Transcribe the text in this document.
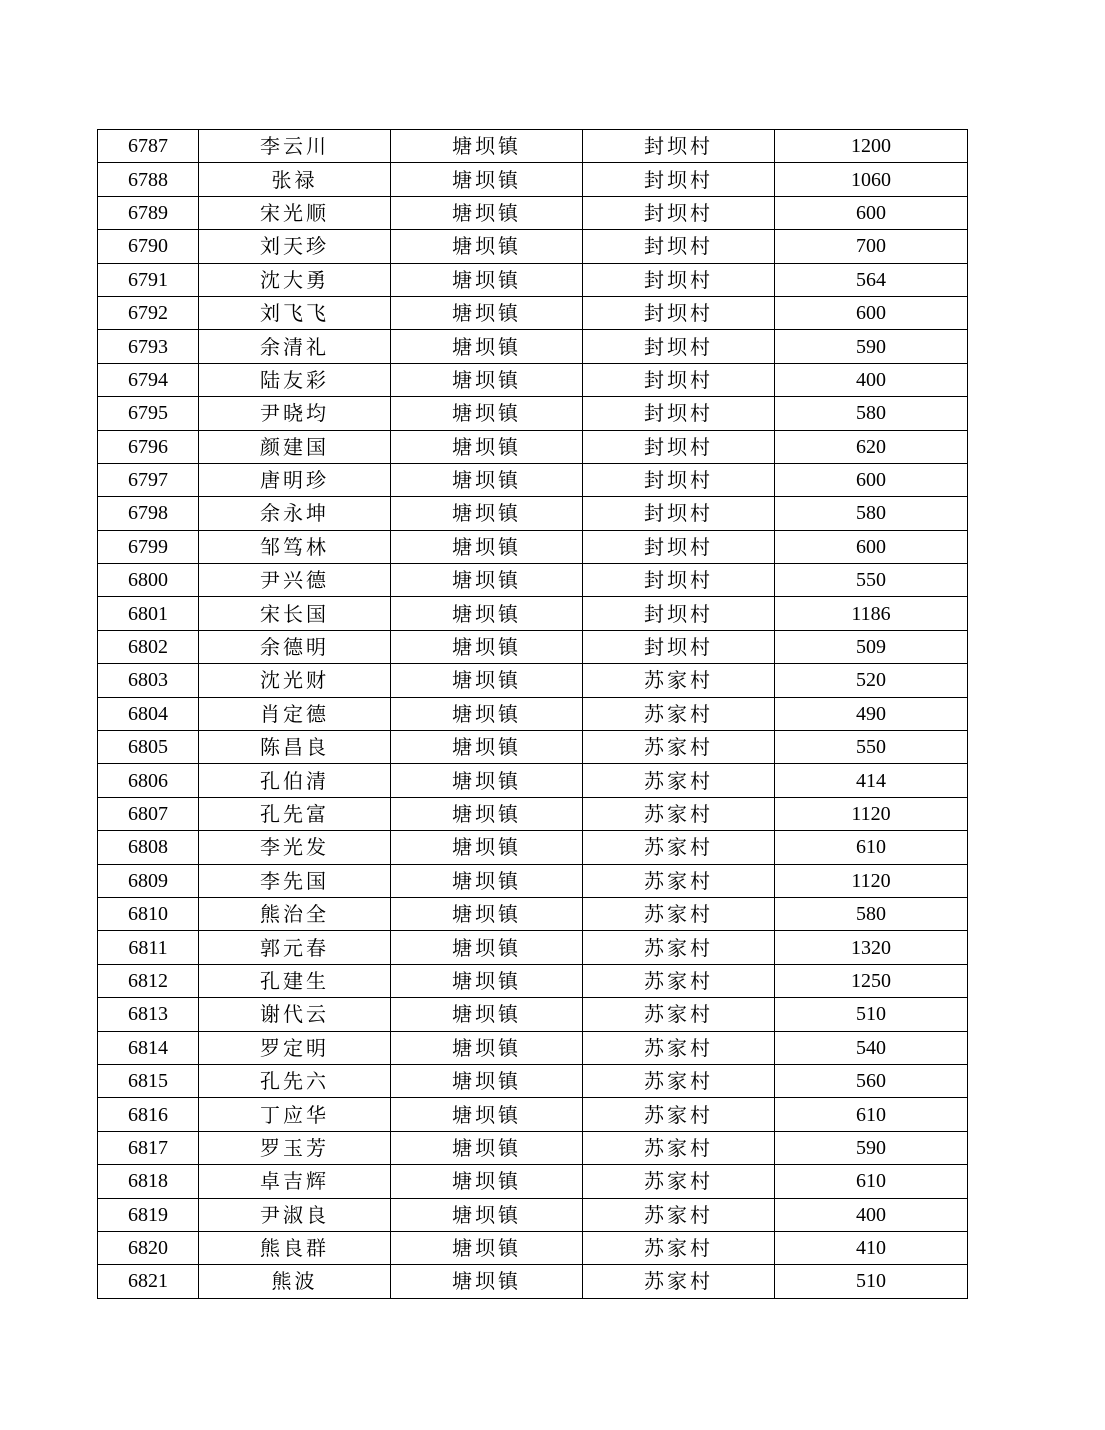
6787	李云川	塘坝镇	封坝村	1200
6788	张禄	塘坝镇	封坝村	1060
6789	宋光顺	塘坝镇	封坝村	600
6790	刘天珍	塘坝镇	封坝村	700
6791	沈大勇	塘坝镇	封坝村	564
6792	刘飞飞	塘坝镇	封坝村	600
6793	余清礼	塘坝镇	封坝村	590
6794	陆友彩	塘坝镇	封坝村	400
6795	尹晓均	塘坝镇	封坝村	580
6796	颜建国	塘坝镇	封坝村	620
6797	唐明珍	塘坝镇	封坝村	600
6798	余永坤	塘坝镇	封坝村	580
6799	邹笃林	塘坝镇	封坝村	600
6800	尹兴德	塘坝镇	封坝村	550
6801	宋长国	塘坝镇	封坝村	1186
6802	余德明	塘坝镇	封坝村	509
6803	沈光财	塘坝镇	苏家村	520
6804	肖定德	塘坝镇	苏家村	490
6805	陈昌良	塘坝镇	苏家村	550
6806	孔伯清	塘坝镇	苏家村	414
6807	孔先富	塘坝镇	苏家村	1120
6808	李光发	塘坝镇	苏家村	610
6809	李先国	塘坝镇	苏家村	1120
6810	熊治全	塘坝镇	苏家村	580
6811	郭元春	塘坝镇	苏家村	1320
6812	孔建生	塘坝镇	苏家村	1250
6813	谢代云	塘坝镇	苏家村	510
6814	罗定明	塘坝镇	苏家村	540
6815	孔先六	塘坝镇	苏家村	560
6816	丁应华	塘坝镇	苏家村	610
6817	罗玉芳	塘坝镇	苏家村	590
6818	卓吉辉	塘坝镇	苏家村	610
6819	尹淑良	塘坝镇	苏家村	400
6820	熊良群	塘坝镇	苏家村	410
6821	熊波	塘坝镇	苏家村	510
